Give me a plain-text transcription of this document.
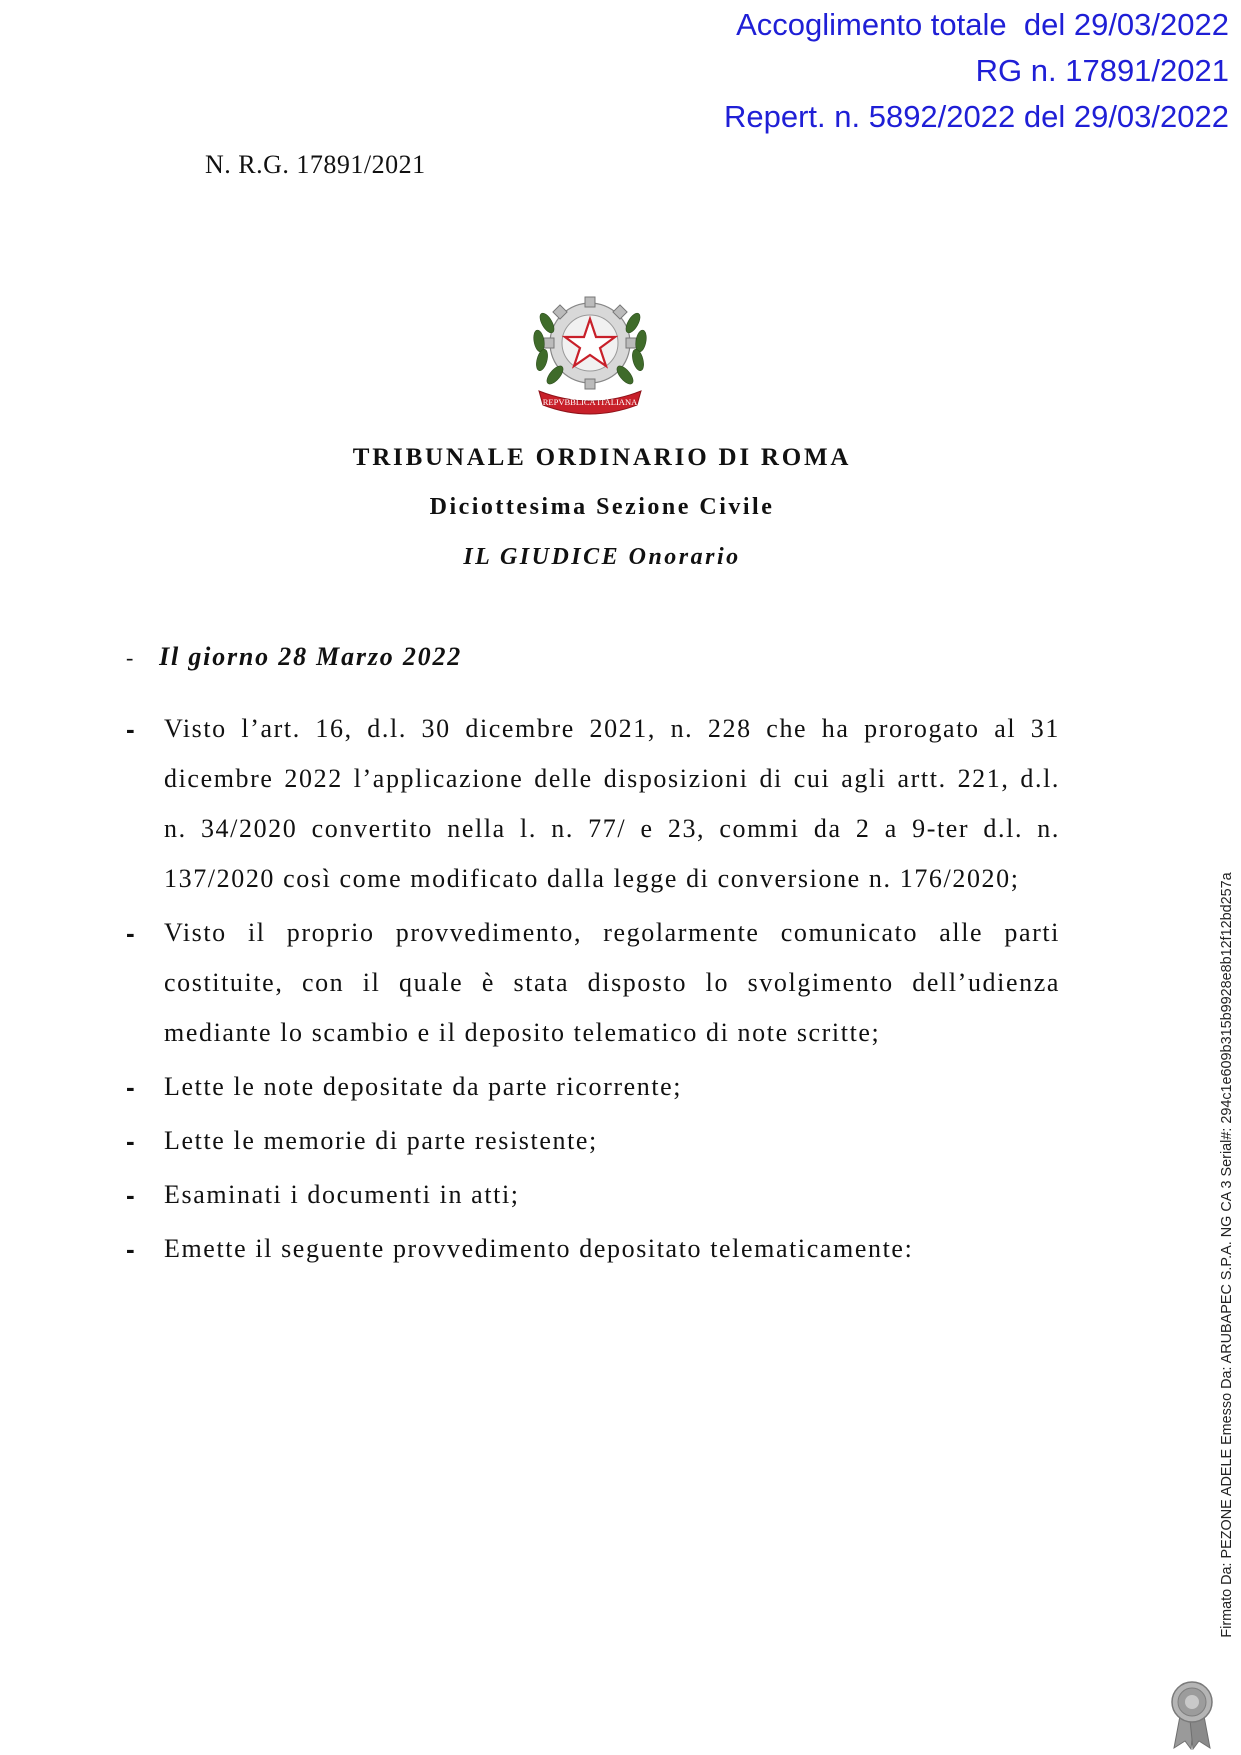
Accoglimento totale  del 29/03/2022
RG n. 17891/2021
Repert. n. 5892/2022 del 29/03/2022
N. R.G. 17891/2021
REPVBBLICA ITALIANA
TRIBUNALE ORDINARIO DI ROMA
Diciottesima Sezione Civile
IL GIUDICE Onorario
- Il giorno 28 Marzo 2022
- Visto l’art. 16, d.l. 30 dicembre 2021, n. 228 che ha prorogato al 31 dicembre 2022 l’applicazione delle disposizioni di cui agli artt. 221, d.l. n. 34/2020 convertito nella l. n. 77/ e 23, commi da 2 a 9-ter d.l. n. 137/2020 così come modificato dalla legge di conversione n. 176/2020;
- Visto il proprio provvedimento, regolarmente comunicato alle parti costituite, con il quale è stata disposto lo svolgimento dell’udienza mediante lo scambio e il deposito telematico di note scritte;
- Lette le note depositate da parte ricorrente;
- Lette le memorie di parte resistente;
- Esaminati i documenti in atti;
- Emette il seguente provvedimento depositato telematicamente:	Firmato Da: PEZONE ADELE Emesso Da: ARUBAPEC S.P.A. NG CA 3 Serial#: 294c1e609b315b9928e8b12f12bd257a
